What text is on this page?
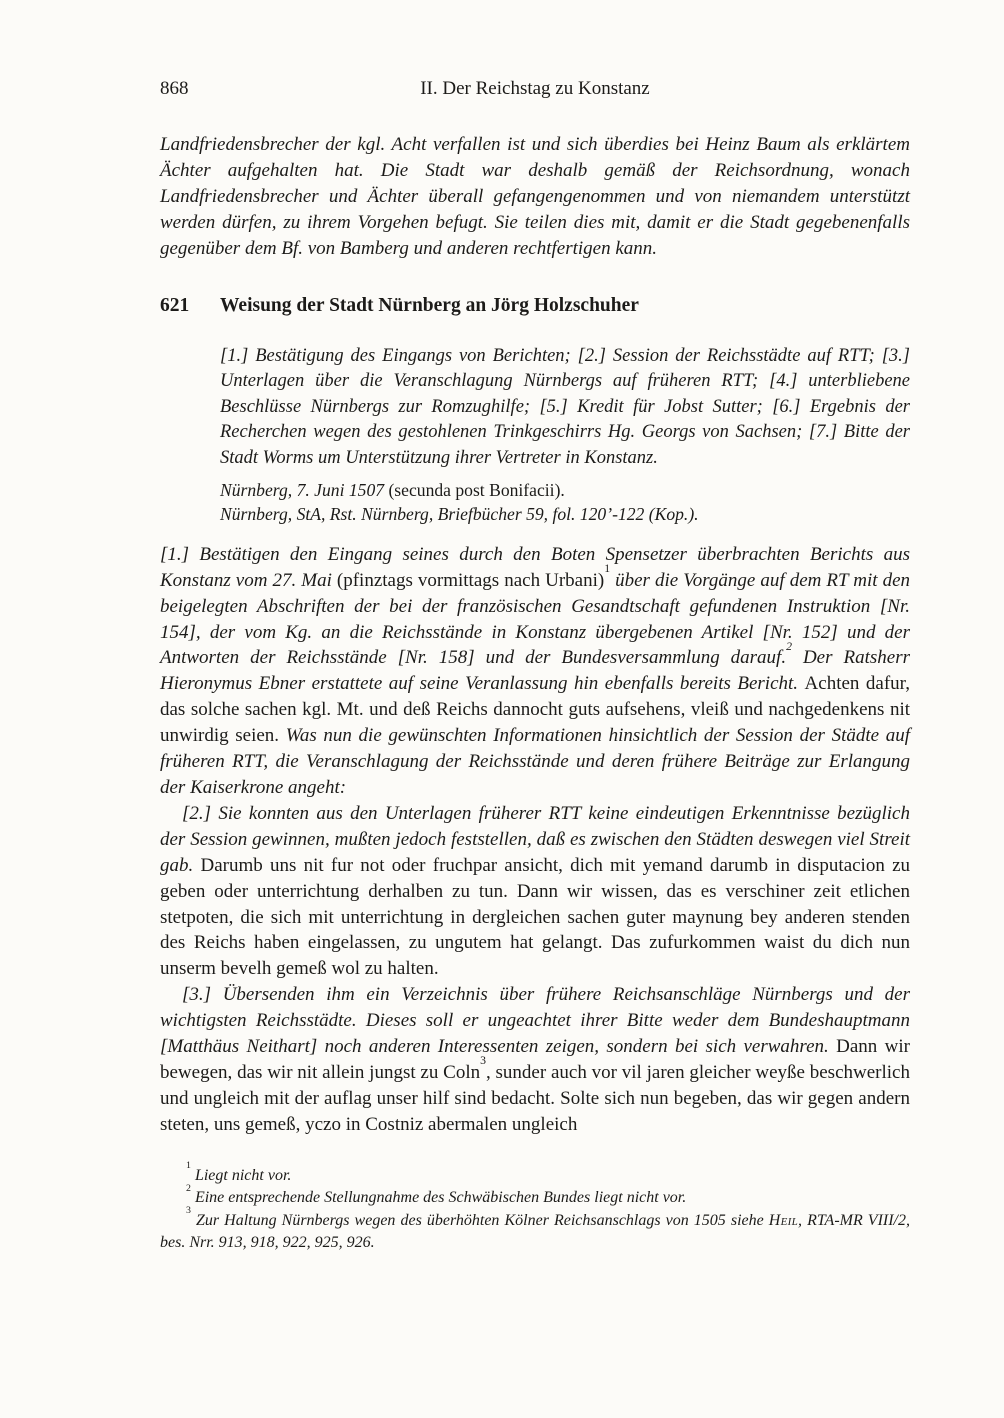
868	II. Der Reichstag zu Konstanz

Landfriedensbrecher der kgl. Acht verfallen ist und sich überdies bei Heinz Baum als erklärtem Ächter aufgehalten hat. Die Stadt war deshalb gemäß der Reichsordnung, wonach Landfriedensbrecher und Ächter überall gefangengenommen und von niemandem unterstützt werden dürfen, zu ihrem Vorgehen befugt. Sie teilen dies mit, damit er die Stadt gegebenenfalls gegenüber dem Bf. von Bamberg und anderen rechtfertigen kann.

621 Weisung der Stadt Nürnberg an Jörg Holzschuher

[1.] Bestätigung des Eingangs von Berichten; [2.] Session der Reichsstädte auf RTT; [3.] Unterlagen über die Veranschlagung Nürnbergs auf früheren RTT; [4.] unterbliebene Beschlüsse Nürnbergs zur Romzughilfe; [5.] Kredit für Jobst Sutter; [6.] Ergebnis der Recherchen wegen des gestohlenen Trinkgeschirrs Hg. Georgs von Sachsen; [7.] Bitte der Stadt Worms um Unterstützung ihrer Vertreter in Konstanz.

Nürnberg, 7. Juni 1507 (secunda post Bonifacii).

Nürnberg, StA, Rst. Nürnberg, Briefbücher 59, fol. 120’-122 (Kop.).

[1.] Bestätigen den Eingang seines durch den Boten Spensetzer überbrachten Berichts aus Konstanz vom 27. Mai (pfinztags vormittags nach Urbani)$^1$ über die Vorgänge auf dem RT mit den beigelegten Abschriften der bei der französischen Gesandtschaft gefundenen Instruktion [Nr. 154], der vom Kg. an die Reichsstände in Konstanz übergebenen Artikel [Nr. 152] und der Antworten der Reichsstände [Nr. 158] und der Bundesversammlung darauf.$^2$ Der Ratsherr Hieronymus Ebner erstattete auf seine Veranlassung hin ebenfalls bereits Bericht. Achten dafur, das solche sachen kgl. Mt. und deß Reichs dannocht guts aufsehens, vleiß und nachgedenkens nit unwirdig seien. Was nun die gewünschten Informationen hinsichtlich der Session der Städte auf früheren RTT, die Veranschlagung der Reichsstände und deren frühere Beiträge zur Erlangung der Kaiserkrone angeht:

[2.] Sie konnten aus den Unterlagen früherer RTT keine eindeutigen Erkenntnisse bezüglich der Session gewinnen, mußten jedoch feststellen, daß es zwischen den Städten deswegen viel Streit gab. Darumb uns nit fur not oder fruchpar ansicht, dich mit yemand darumb in disputacion zu geben oder unterrichtung derhalben zu tun. Dann wir wissen, das es verschiner zeit etlichen stetpoten, die sich mit unterrichtung in dergleichen sachen guter maynung bey anderen stenden des Reichs haben eingelassen, zu ungutem hat gelangt. Das zufurkommen waist du dich nun unserm bevelh gemeß wol zu halten.

[3.] Übersenden ihm ein Verzeichnis über frühere Reichsanschläge Nürnbergs und der wichtigsten Reichsstädte. Dieses soll er ungeachtet ihrer Bitte weder dem Bundeshauptmann [Matthäus Neithart] noch anderen Interessenten zeigen, sondern bei sich verwahren. Dann wir bewegen, das wir nit allein jungst zu Coln$^3$, sunder auch vor vil jaren gleicher weyße beschwerlich und ungleich mit der auflag unser hilf sind bedacht. Solte sich nun begeben, das wir gegen andern steten, uns gemeß, yczo in Costniz abermalen ungleich

$^1$ Liegt nicht vor.

$^2$ Eine entsprechende Stellungnahme des Schwäbischen Bundes liegt nicht vor.

$^3$ Zur Haltung Nürnbergs wegen des überhöhten Kölner Reichsanschlags von 1505 siehe Heil, RTA-MR VIII/2, bes. Nrr. 913, 918, 922, 925, 926.
